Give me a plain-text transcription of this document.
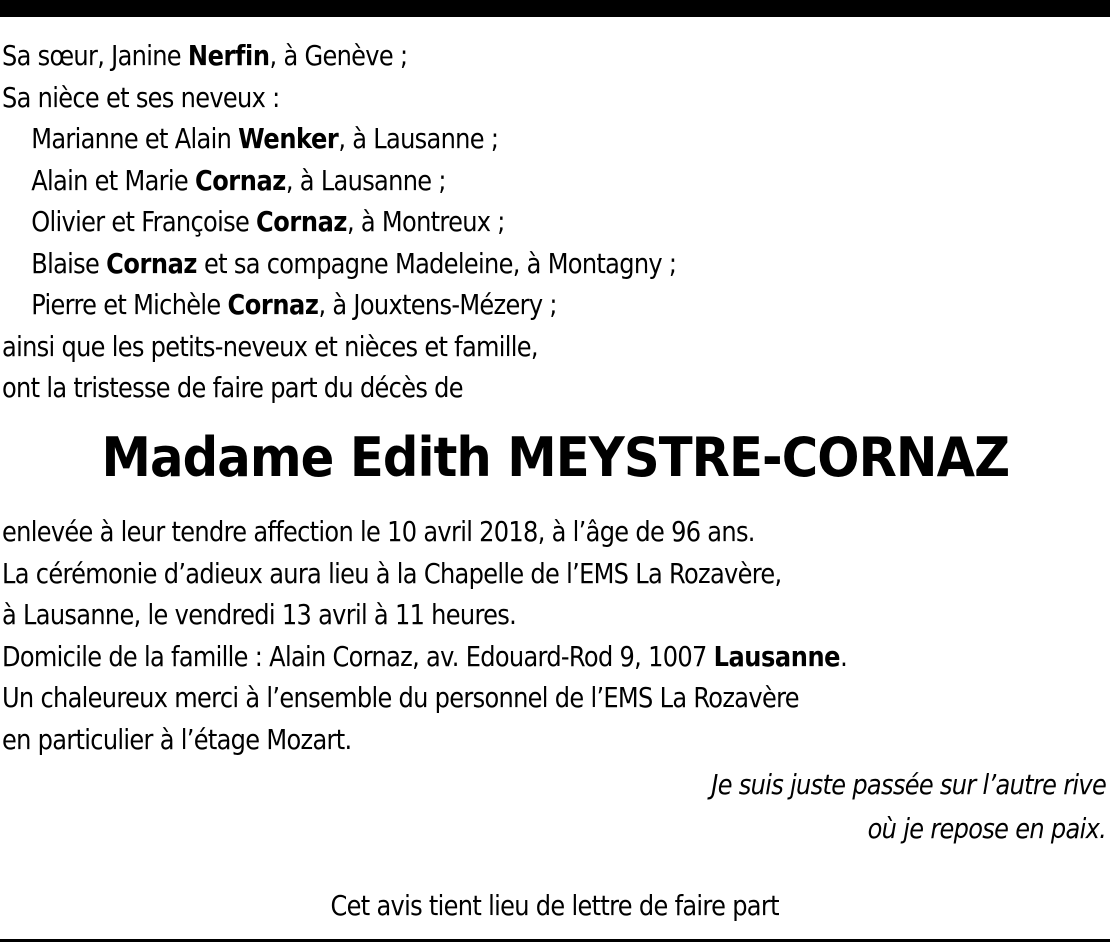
Sa sœur, Janine Nerfin, à Genève ;
Sa nièce et ses neveux :
Marianne et Alain Wenker, à Lausanne ;
Alain et Marie Cornaz, à Lausanne ;
Olivier et Françoise Cornaz, à Montreux ;
Blaise Cornaz et sa compagne Madeleine, à Montagny ;
Pierre et Michèle Cornaz, à Jouxtens-Mézery ;
ainsi que les petits-neveux et nièces et famille,
ont la tristesse de faire part du décès de
Madame Edith MEYSTRE-CORNAZ
enlevée à leur tendre affection le 10 avril 2018, à l’âge de 96 ans.
La cérémonie d’adieux aura lieu à la Chapelle de l’EMS La Rozavère,
à Lausanne, le vendredi 13 avril à 11 heures.
Domicile de la famille : Alain Cornaz, av. Edouard-Rod 9, 1007 Lausanne.
Un chaleureux merci à l’ensemble du personnel de l’EMS La Rozavère
en particulier à l’étage Mozart.
Je suis juste passée sur l’autre rive
où je repose en paix.
Cet avis tient lieu de lettre de faire part
